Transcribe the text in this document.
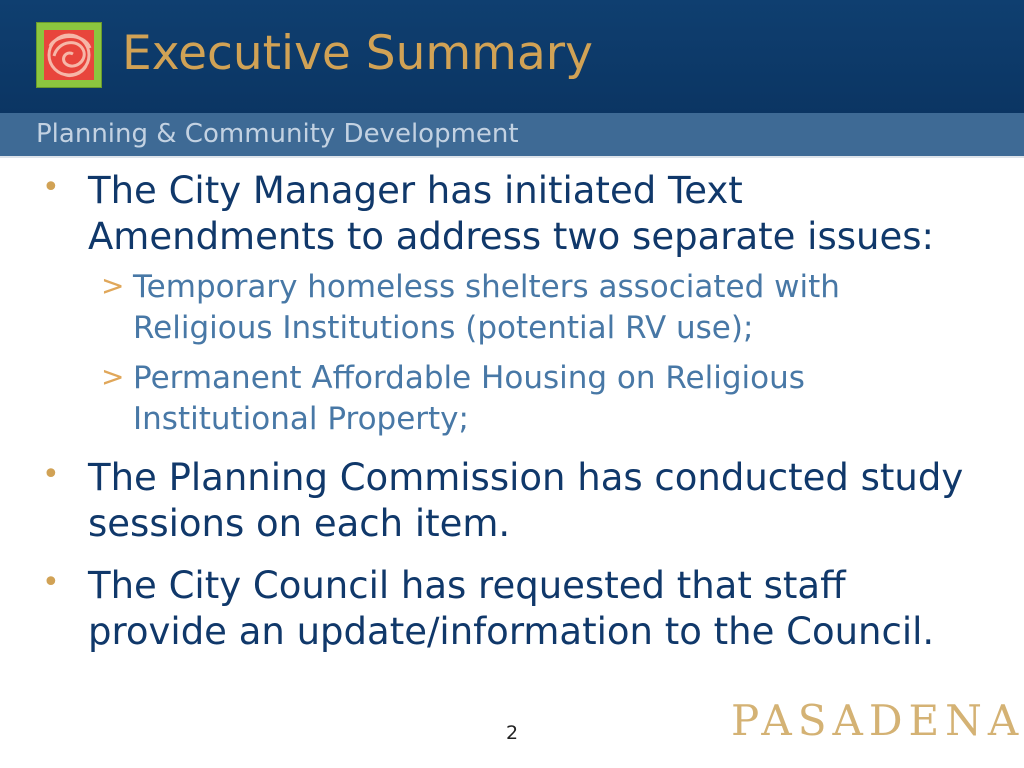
Executive Summary
Planning & Community Development
• The City Manager has initiated Text
Amendments to address two separate issues:
> Temporary homeless shelters associated with
Religious Institutions (potential RV use);
> Permanent Affordable Housing on Religious
Institutional Property;
• The Planning Commission has conducted study
sessions on each item.
• The City Council has requested that staff
provide an update/information to the Council.
2	PASADENA
